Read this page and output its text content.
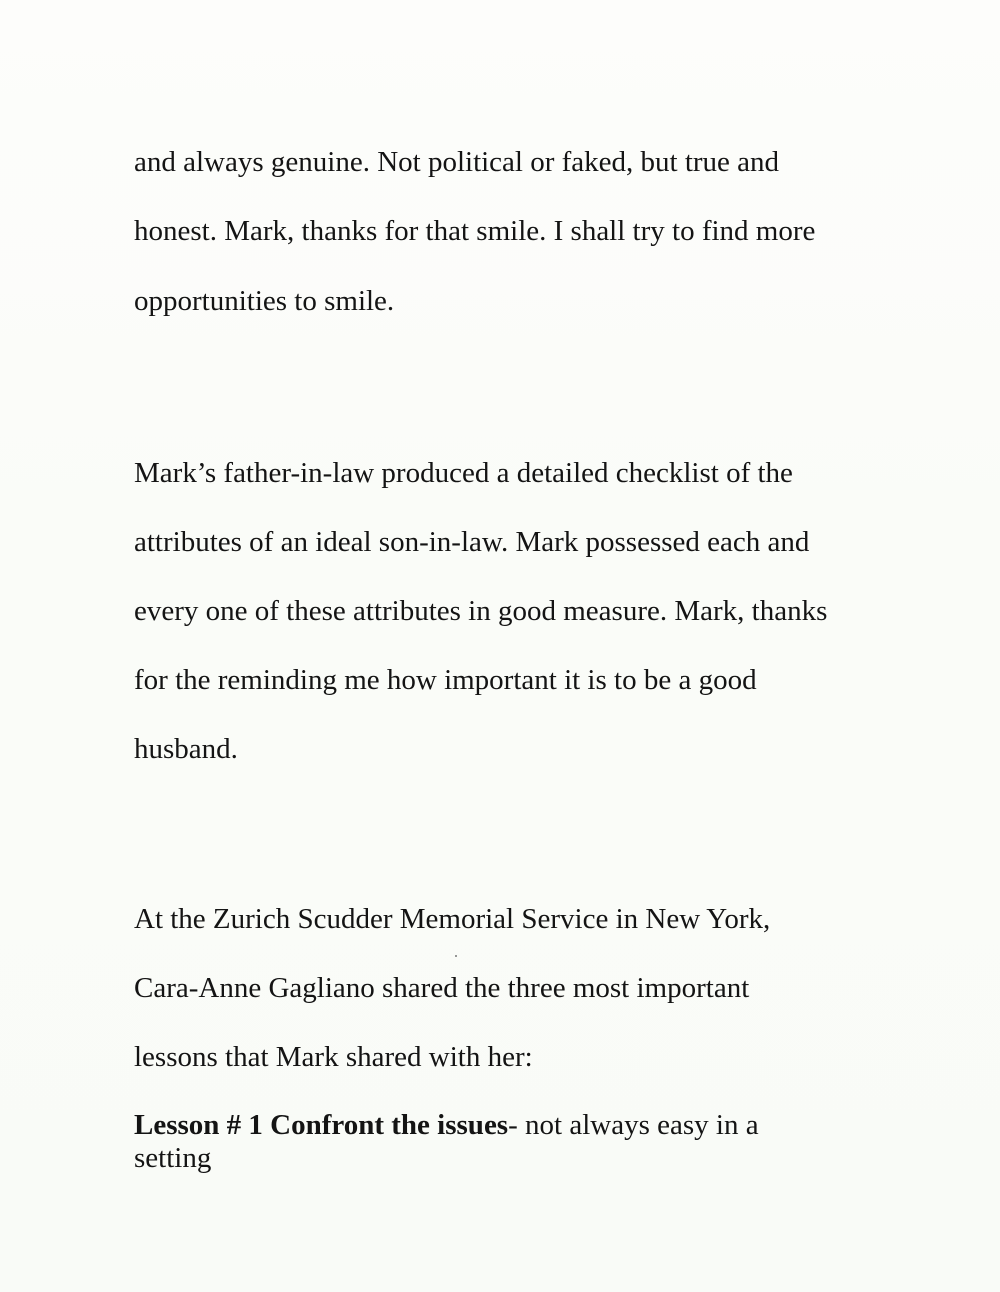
and always genuine. Not political or faked, but true and

honest. Mark, thanks for that smile. I shall try to find more

opportunities to smile.

Mark’s father-in-law produced a detailed checklist of the

attributes of an ideal son-in-law. Mark possessed each and

every one of these attributes in good measure. Mark, thanks

for the reminding me how important it is to be a good

husband.

At the Zurich Scudder Memorial Service in New York,

Cara-Anne Gagliano shared the three most important

lessons that Mark shared with her:

Lesson # 1 Confront the issues- not always easy in a

setting
